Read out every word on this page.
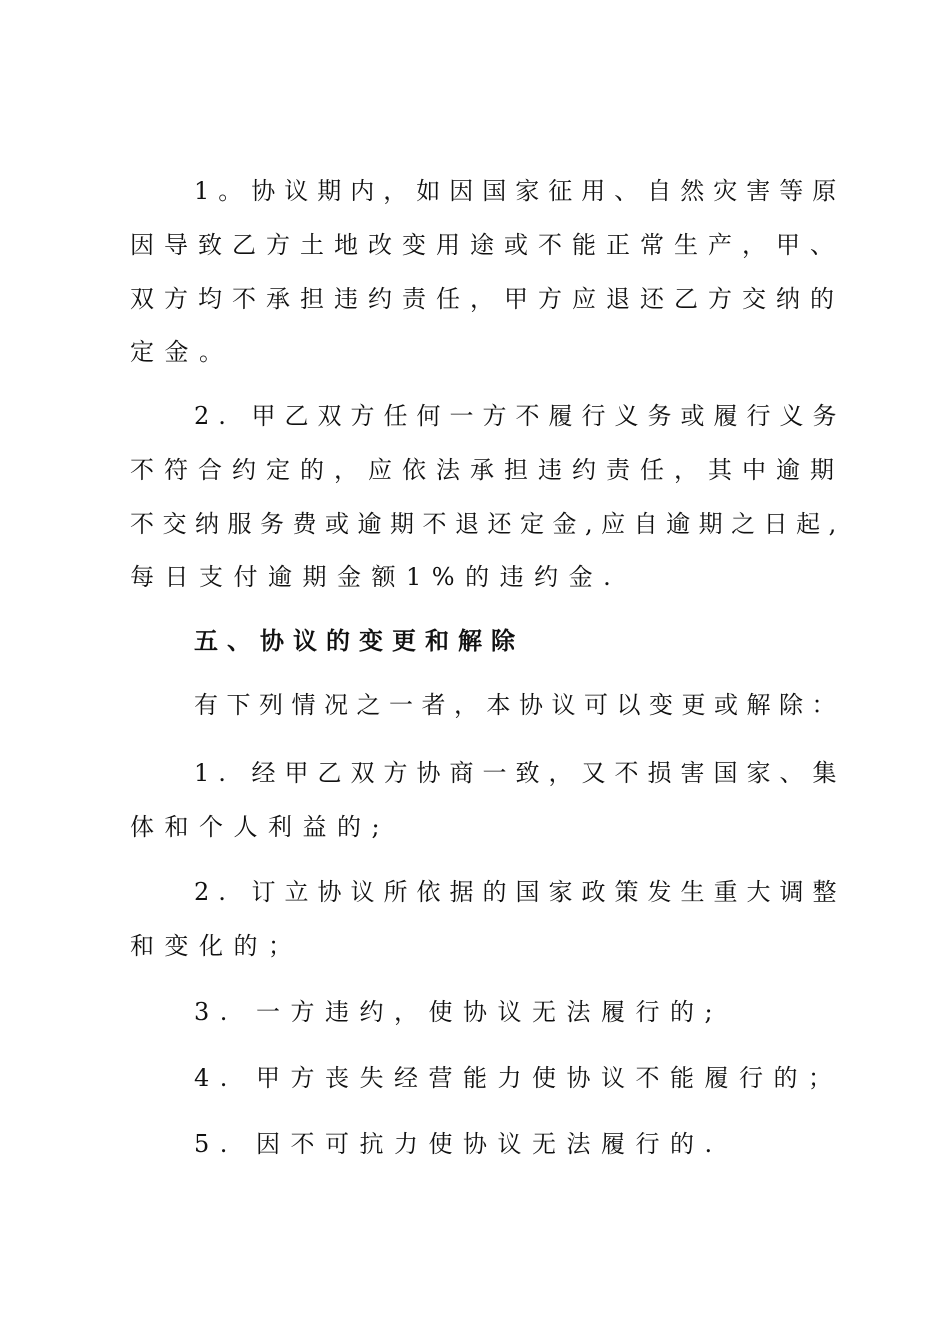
1。协议期内，如因国家征用、自然灾害等原
因导致乙方土地改变用途或不能正常生产，甲、
双方均不承担违约责任，甲方应退还乙方交纳的
定金。
2. 甲乙双方任何一方不履行义务或履行义务
不符合约定的，应依法承担违约责任，其中逾期
不交纳服务费或逾期不退还定金,应自逾期之日起,
每日支付逾期金额1%的违约金.
五、协议的变更和解除
有下列情况之一者，本协议可以变更或解除：
1. 经甲乙双方协商一致，又不损害国家、集
体和个人利益的;
2. 订立协议所依据的国家政策发生重大调整
和变化的；
3. 一方违约，使协议无法履行的;
4. 甲方丧失经营能力使协议不能履行的；
5. 因不可抗力使协议无法履行的.
